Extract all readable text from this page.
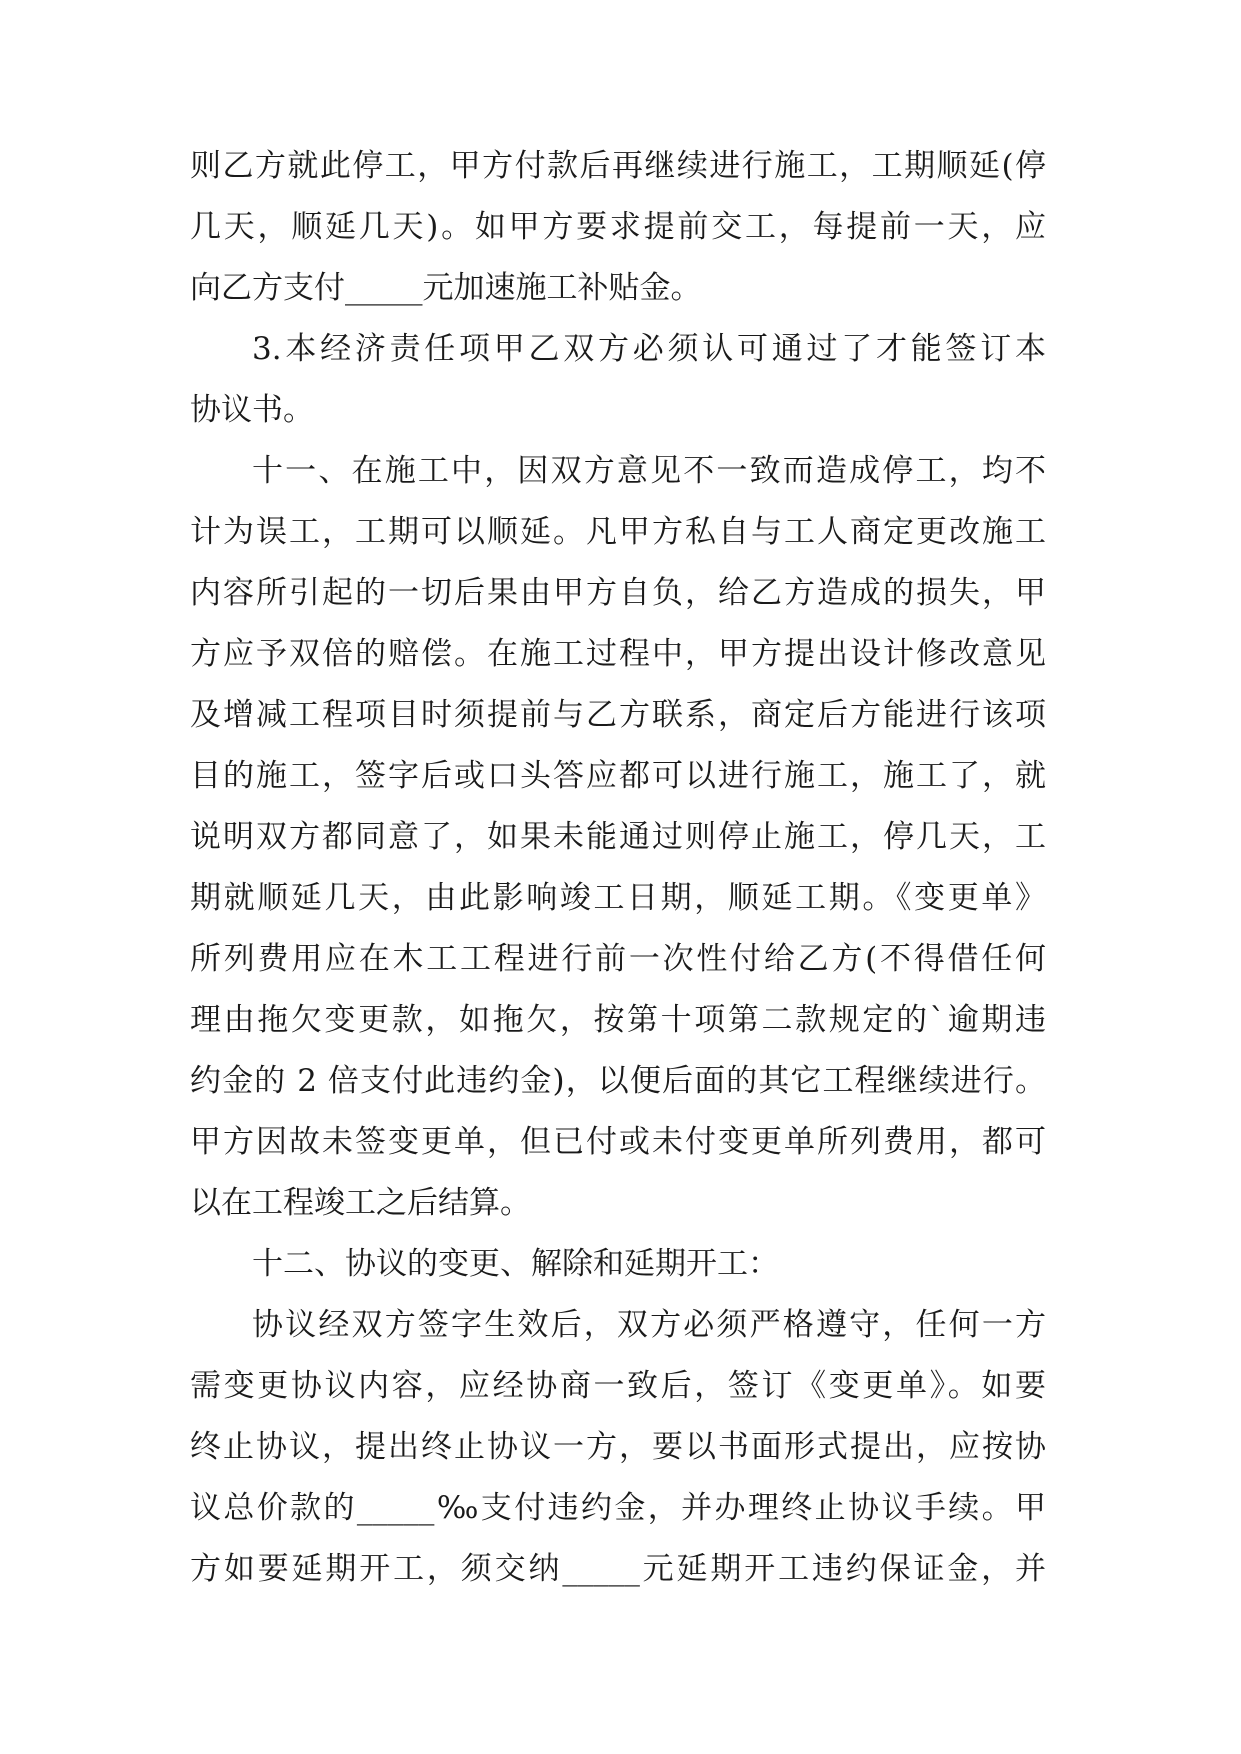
则乙方就此停工，甲方付款后再继续进行施工，工期顺延(停
几天，顺延几天)。如甲方要求提前交工，每提前一天，应
向乙方支付_____元加速施工补贴金。
3.本经济责任项甲乙双方必须认可通过了才能签订本
协议书。
十一、在施工中，因双方意见不一致而造成停工，均不
计为误工，工期可以顺延。凡甲方私自与工人商定更改施工
内容所引起的一切后果由甲方自负，给乙方造成的损失，甲
方应予双倍的赔偿。在施工过程中，甲方提出设计修改意见
及增减工程项目时须提前与乙方联系，商定后方能进行该项
目的施工，签字后或口头答应都可以进行施工，施工了，就
说明双方都同意了，如果未能通过则停止施工，停几天，工
期就顺延几天，由此影响竣工日期，顺延工期。《变更单》
所列费用应在木工工程进行前一次性付给乙方(不得借任何
理由拖欠变更款，如拖欠，按第十项第二款规定的`逾期违
约金的 2 倍支付此违约金)，以便后面的其它工程继续进行。
甲方因故未签变更单，但已付或未付变更单所列费用，都可
以在工程竣工之后结算。
十二、协议的变更、解除和延期开工：
协议经双方签字生效后，双方必须严格遵守，任何一方
需变更协议内容，应经协商一致后，签订《变更单》。如要
终止协议，提出终止协议一方，要以书面形式提出，应按协
议总价款的_____‰支付违约金，并办理终止协议手续。甲
方如要延期开工，须交纳_____元延期开工违约保证金，并
